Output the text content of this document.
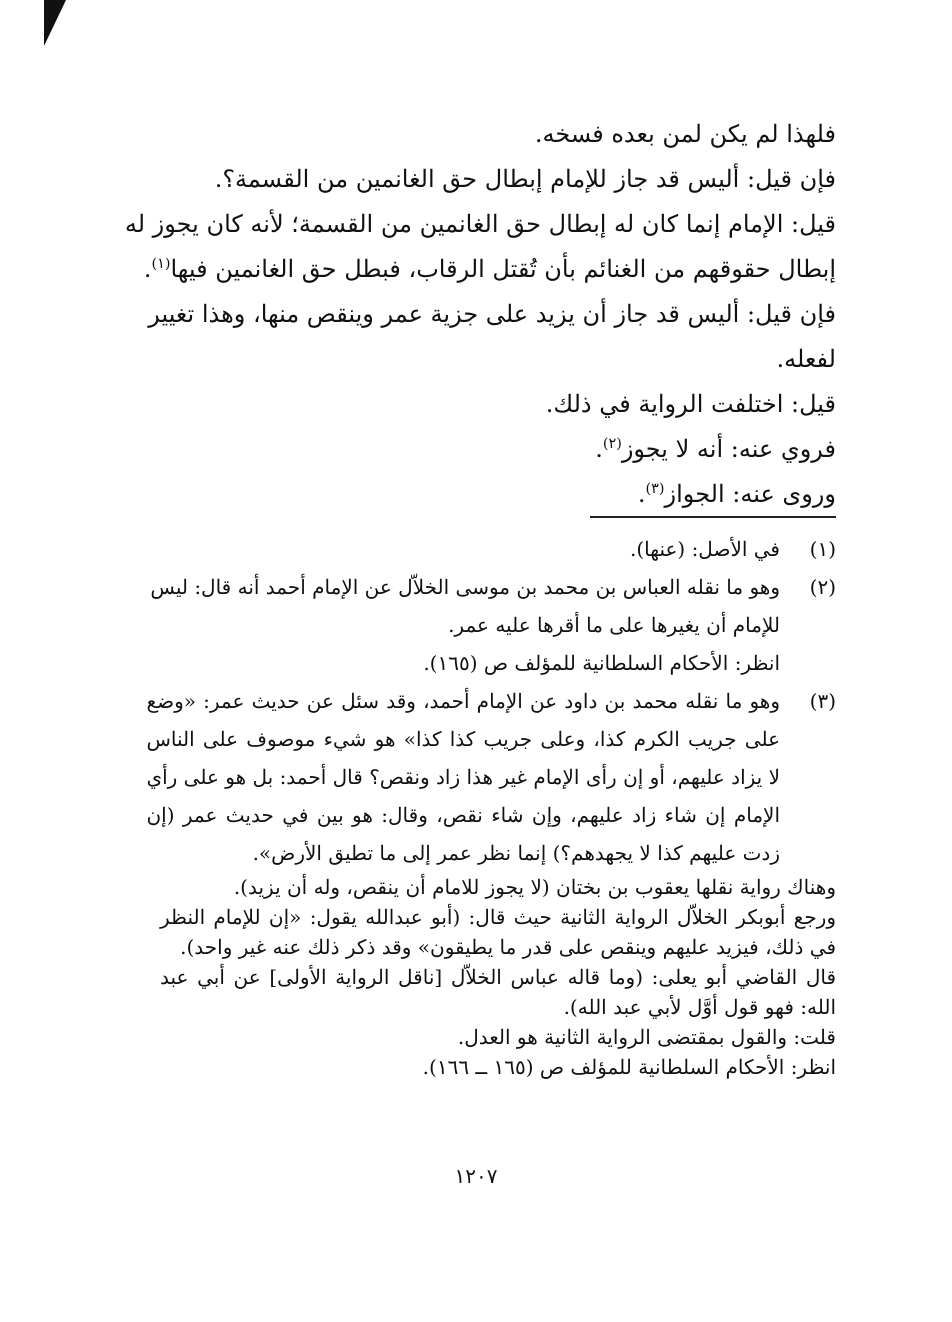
فلهذا لم يكن لمن بعده فسخه.
فإن قيل: أليس قد جاز للإمام إبطال حق الغانمين من القسمة؟.
قيل: الإمام إنما كان له إبطال حق الغانمين من القسمة؛ لأنه كان يجوز له
إبطال حقوقهم من الغنائم بأن تُقتل الرقاب، فبطل حق الغانمين فيها$^{(١)}$.
فإن قيل: أليس قد جاز أن يزيد على جزية عمر وينقص منها، وهذا تغيير
لفعله.
قيل: اختلفت الرواية في ذلك.
فروي عنه: أنه لا يجوز$^{(٢)}$.
وروى عنه: الجواز$^{(٣)}$.
(١)
في الأصل: (عنها).
(٢)
وهو ما نقله العباس بن محمد بن موسى الخلاّل عن الإمام أحمد أنه قال: ليس
للإمام أن يغيرها على ما أقرها عليه عمر.
انظر: الأحكام السلطانية للمؤلف ص (١٦٥).
(٣)
وهو ما نقله محمد بن داود عن الإمام أحمد، وقد سئل عن حديث عمر: «وضع
على جريب الكرم كذا، وعلى جريب كذا كذا» هو شيء موصوف على الناس
لا يزاد عليهم، أو إن رأى الإمام غير هذا زاد ونقص؟ قال أحمد: بل هو على رأي
الإمام إن شاء زاد عليهم، وإن شاء نقص، وقال: هو بين في حديث عمر (إن
زدت عليهم كذا لا يجهدهم؟) إنما نظر عمر إلى ما تطيق الأرض».
وهناك رواية نقلها يعقوب بن بختان (لا يجوز للامام أن ينقص، وله أن يزيد).
ورجع أبوبكر الخلاّل الرواية الثانية حيث قال: (أبو عبدالله يقول: «إن للإمام النظر
في ذلك، فيزيد عليهم وينقص على قدر ما يطيقون» وقد ذكر ذلك عنه غير واحد).
قال القاضي أبو يعلى: (وما قاله عباس الخلاّل [ناقل الرواية الأولى] عن أبي عبد
الله: فهو قول أوَّل لأبي عبد الله).
قلت: والقول بمقتضى الرواية الثانية هو العدل.
انظر: الأحكام السلطانية للمؤلف ص (١٦٥ ــ ١٦٦).
١٢٠٧
